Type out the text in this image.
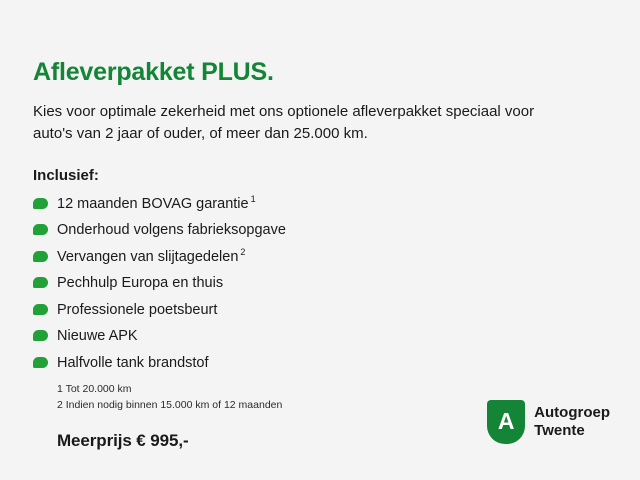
Afleverpakket PLUS.

Kies voor optimale zekerheid met ons optionele afleverpakket speciaal voor auto's van 2 jaar of ouder, of meer dan 25.000 km.

Inclusief:
12 maanden BOVAG garantie $^1$
Onderhoud volgens fabrieksopgave
Vervangen van slijtagedelen $^2$
Pechhulp Europa en thuis
Professionele poetsbeurt
Nieuwe APK
Halfvolle tank brandstof
1 Tot 20.000 km
2 Indien nodig binnen 15.000 km of 12 maanden
Meerprijs € 995,-
A Autogroep
Twente
